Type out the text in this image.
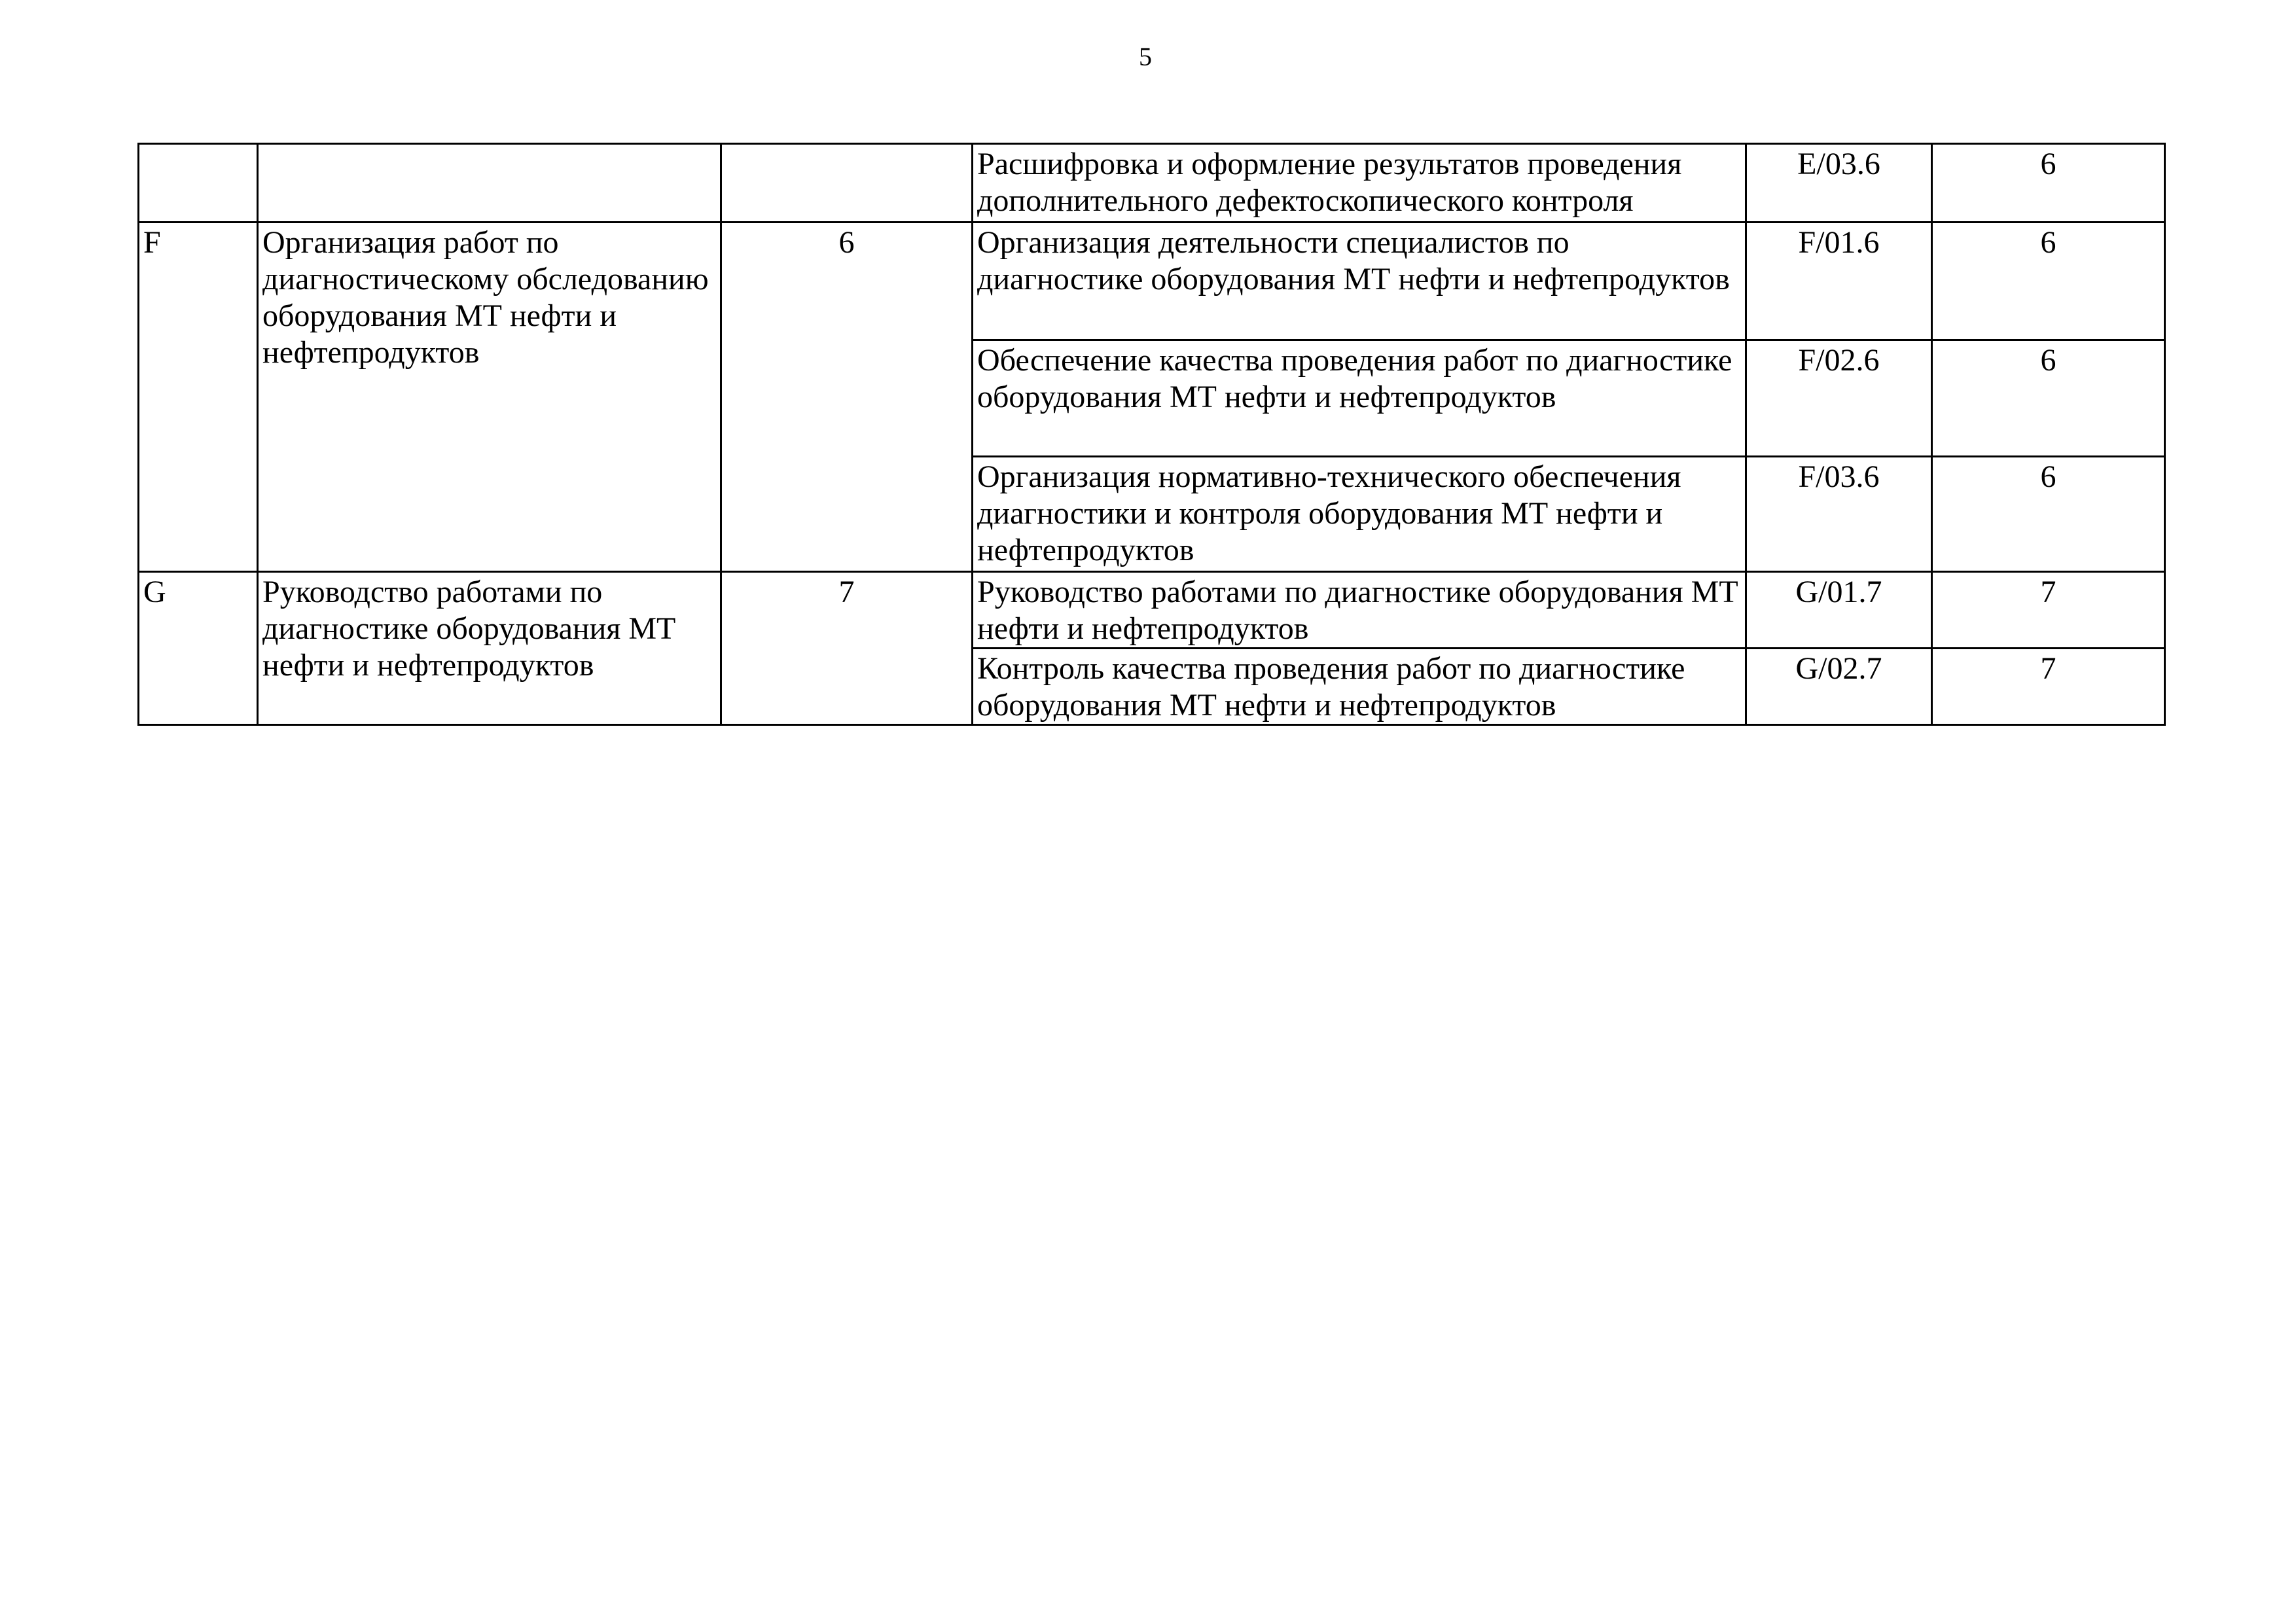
5
			Расшифровка и оформление результатов проведения дополнительного дефектоскопического контроля	E/03.6	6
F	Организация работ по диагностическому обследованию оборудования МТ нефти и нефтепродуктов	6	Организация деятельности специалистов по диагностике оборудования МТ нефти и нефтепродуктов	F/01.6	6
			Обеспечение качества проведения работ по диагностике оборудования МТ нефти и нефтепродуктов	F/02.6	6
			Организация нормативно-технического обеспечения диагностики и контроля оборудования МТ нефти и нефтепродуктов	F/03.6	6
G	Руководство работами по диагностике оборудования МТ нефти и нефтепродуктов	7	Руководство работами по диагностике оборудования МТ нефти и нефтепродуктов	G/01.7	7
			Контроль качества проведения работ по диагностике оборудования МТ нефти и нефтепродуктов	G/02.7	7
